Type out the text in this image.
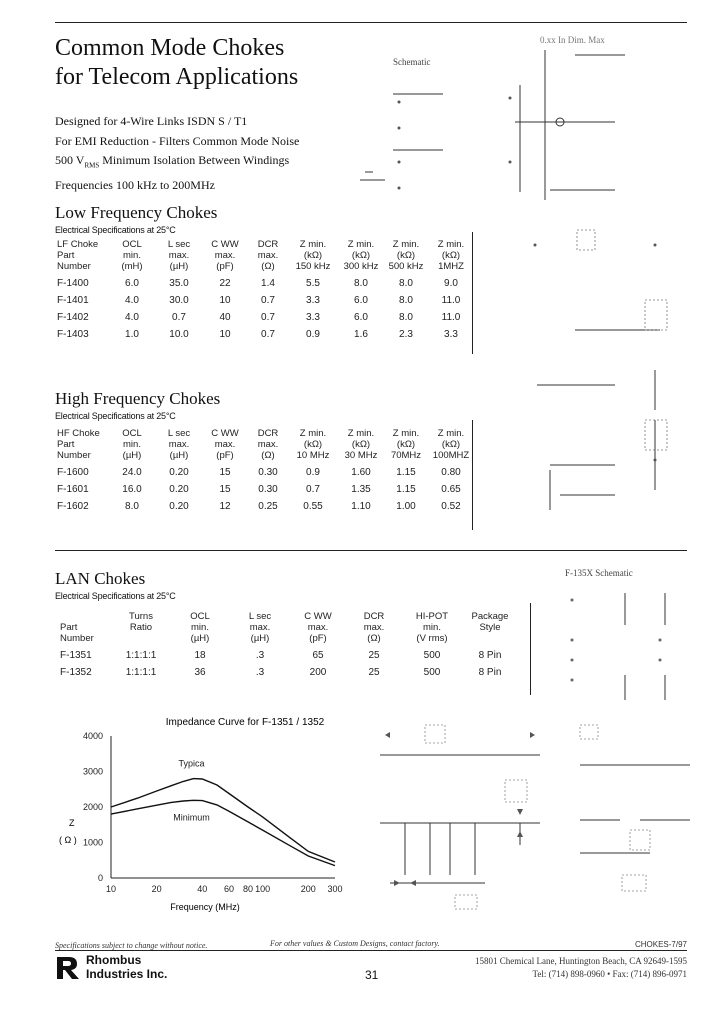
Common Mode Chokes
for Telecom Applications
Designed for 4-Wire Links ISDN S / T1
For EMI Reduction - Filters Common Mode Noise
500 $V_{RMS}$ Minimum Isolation Between Windings
Frequencies 100 kHz to 200MHz
0.xx In Dim. Max
Schematic
Low Frequency Chokes
Electrical Specifications at 25°C
LF Choke	OCL	L sec	C WW	DCR	Z min.	Z min.	Z min.	Z min.
Part	min.	max.	max.	max.	(kΩ)	(kΩ)	(kΩ)	(kΩ)
Number	(mH)	(µH)	(pF)	(Ω)	150 kHz	300 kHz	500 kHz	1MHZ
F-1400	6.0	35.0	22	1.4	5.5	8.0	8.0	9.0
F-1401	4.0	30.0	10	0.7	3.3	6.0	8.0	11.0
F-1402	4.0	0.7	40	0.7	3.3	6.0	8.0	11.0
F-1403	1.0	10.0	10	0.7	0.9	1.6	2.3	3.3
High Frequency Chokes
Electrical Specifications at 25°C
HF Choke	OCL	L sec	C WW	DCR	Z min.	Z min.	Z min.	Z min.
Part	min.	max.	max.	max.	(kΩ)	(kΩ)	(kΩ)	(kΩ)
Number	(µH)	(µH)	(pF)	(Ω)	10 MHz	30 MHz	70MHz	100MHZ
F-1600	24.0	0.20	15	0.30	0.9	1.60	1.15	0.80
F-1601	16.0	0.20	15	0.30	0.7	1.35	1.15	0.65
F-1602	8.0	0.20	12	0.25	0.55	1.10	1.00	0.52
LAN Chokes
Electrical Specifications at 25°C
	Turns	OCL	L sec	C WW	DCR	HI-POT	Package
Part	Ratio	min.	max.	max.	max.	min.	Style
Number		(µH)	(µH)	(pF)	(Ω)	(V rms)	
F-1351	1:1:1:1	18	.3	65	25	500	8 Pin
F-1352	1:1:1:1	36	.3	200	25	500	8 Pin
F-135X Schematic
Impedance Curve for F-1351 / 1352
Typica
Minimum
0
1000
2000
3000
4000
10	20	40 60 80 100	200 300
Z
( Ω )
Frequency (MHz)
Specifications subject to change without notice.	For other values & Custom Designs, contact factory.	CHOKES-7/97
Rhombus
Industries Inc.	31
15801 Chemical Lane, Huntington Beach, CA 92649-1595
Tel: (714) 898-0960 • Fax: (714) 896-0971
